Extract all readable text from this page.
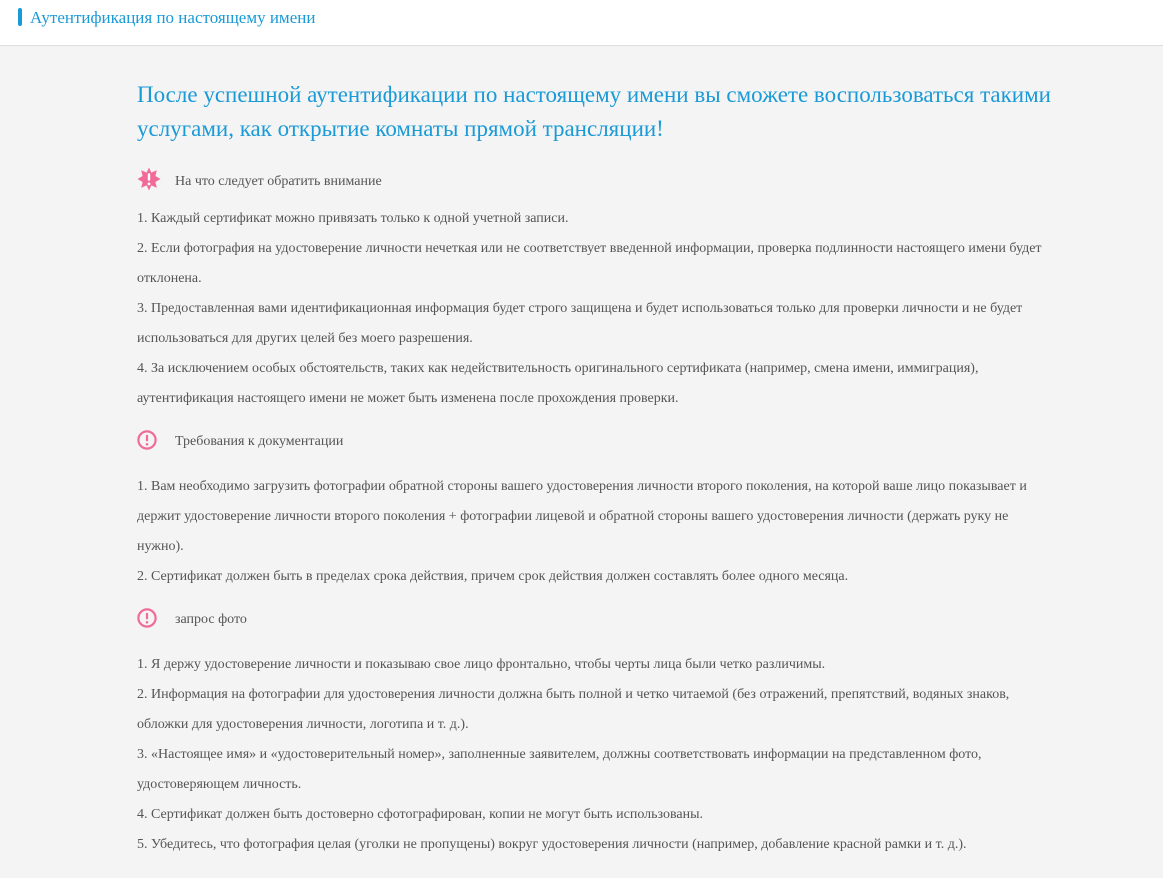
Аутентификация по настоящему имени
После успешной аутентификации по настоящему имени вы сможете воспользоваться такими услугами, как открытие комнаты прямой трансляции!
На что следует обратить внимание
1. Каждый сертификат можно привязать только к одной учетной записи.
2. Если фотография на удостоверение личности нечеткая или не соответствует введенной информации, проверка подлинности настоящего имени будет отклонена.
3. Предоставленная вами идентификационная информация будет строго защищена и будет использоваться только для проверки личности и не будет использоваться для других целей без моего разрешения.
4. За исключением особых обстоятельств, таких как недействительность оригинального сертификата (например, смена имени, иммиграция), аутентификация настоящего имени не может быть изменена после прохождения проверки.
Требования к документации
1. Вам необходимо загрузить фотографии обратной стороны вашего удостоверения личности второго поколения, на которой ваше лицо показывает и держит удостоверение личности второго поколения + фотографии лицевой и обратной стороны вашего удостоверения личности (держать руку не нужно).
2. Сертификат должен быть в пределах срока действия, причем срок действия должен составлять более одного месяца.
запрос фото
1. Я держу удостоверение личности и показываю свое лицо фронтально, чтобы черты лица были четко различимы.
2. Информация на фотографии для удостоверения личности должна быть полной и четко читаемой (без отражений, препятствий, водяных знаков, обложки для удостоверения личности, логотипа и т. д.).
3. «Настоящее имя» и «удостоверительный номер», заполненные заявителем, должны соответствовать информации на представленном фото, удостоверяющем личность.
4. Сертификат должен быть достоверно сфотографирован, копии не могут быть использованы.
5. Убедитесь, что фотография целая (уголки не пропущены) вокруг удостоверения личности (например, добавление красной рамки и т. д.).
